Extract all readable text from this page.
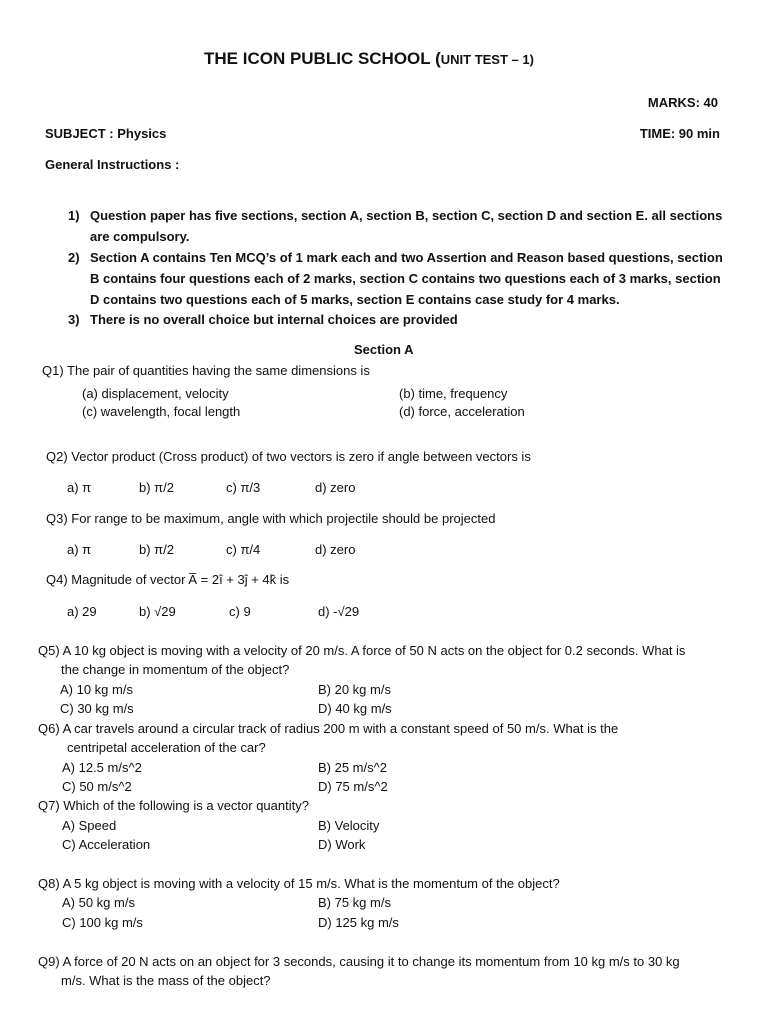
THE ICON PUBLIC SCHOOL (UNIT TEST – 1)
MARKS: 40
SUBJECT : Physics	TIME: 90 min
General Instructions :
1) Question paper has five sections, section A, section B, section C, section D and section E. all sections are compulsory.
2) Section A contains Ten MCQ’s of 1 mark each and two Assertion and Reason based questions, section B contains four questions each of 2 marks, section C contains two questions each of 3 marks, section D contains two questions each of 5 marks, section E contains case study for 4 marks.
3) There is no overall choice but internal choices are provided
Section A
Q1) The pair of quantities having the same dimensions is
(a) displacement, velocity	(b) time, frequency
(c) wavelength, focal length	(d) force, acceleration
Q2) Vector product (Cross product) of two vectors is zero if angle between vectors is
a) π	b) π/2	c) π/3	d) zero
Q3) For range to be maximum, angle with which projectile should be projected
a) π	b) π/2	c) π/4	d) zero
Q4) Magnitude of vector A̅ = 2î + 3ĵ + 4k̂ is
a) 29	b) √29	c) 9	d) -√29
Q5) A 10 kg object is moving with a velocity of 20 m/s. A force of 50 N acts on the object for 0.2 seconds. What is
the change in momentum of the object?
A) 10 kg m/s	B) 20 kg m/s
C) 30 kg m/s	D) 40 kg m/s
Q6) A car travels around a circular track of radius 200 m with a constant speed of 50 m/s. What is the
centripetal acceleration of the car?
A) 12.5 m/s^2	B) 25 m/s^2
C) 50 m/s^2	D) 75 m/s^2
Q7) Which of the following is a vector quantity?
A) Speed	B) Velocity
C) Acceleration	D) Work
Q8) A 5 kg object is moving with a velocity of 15 m/s. What is the momentum of the object?
A) 50 kg m/s	B) 75 kg m/s
C) 100 kg m/s	D) 125 kg m/s
Q9) A force of 20 N acts on an object for 3 seconds, causing it to change its momentum from 10 kg m/s to 30 kg
m/s. What is the mass of the object?
